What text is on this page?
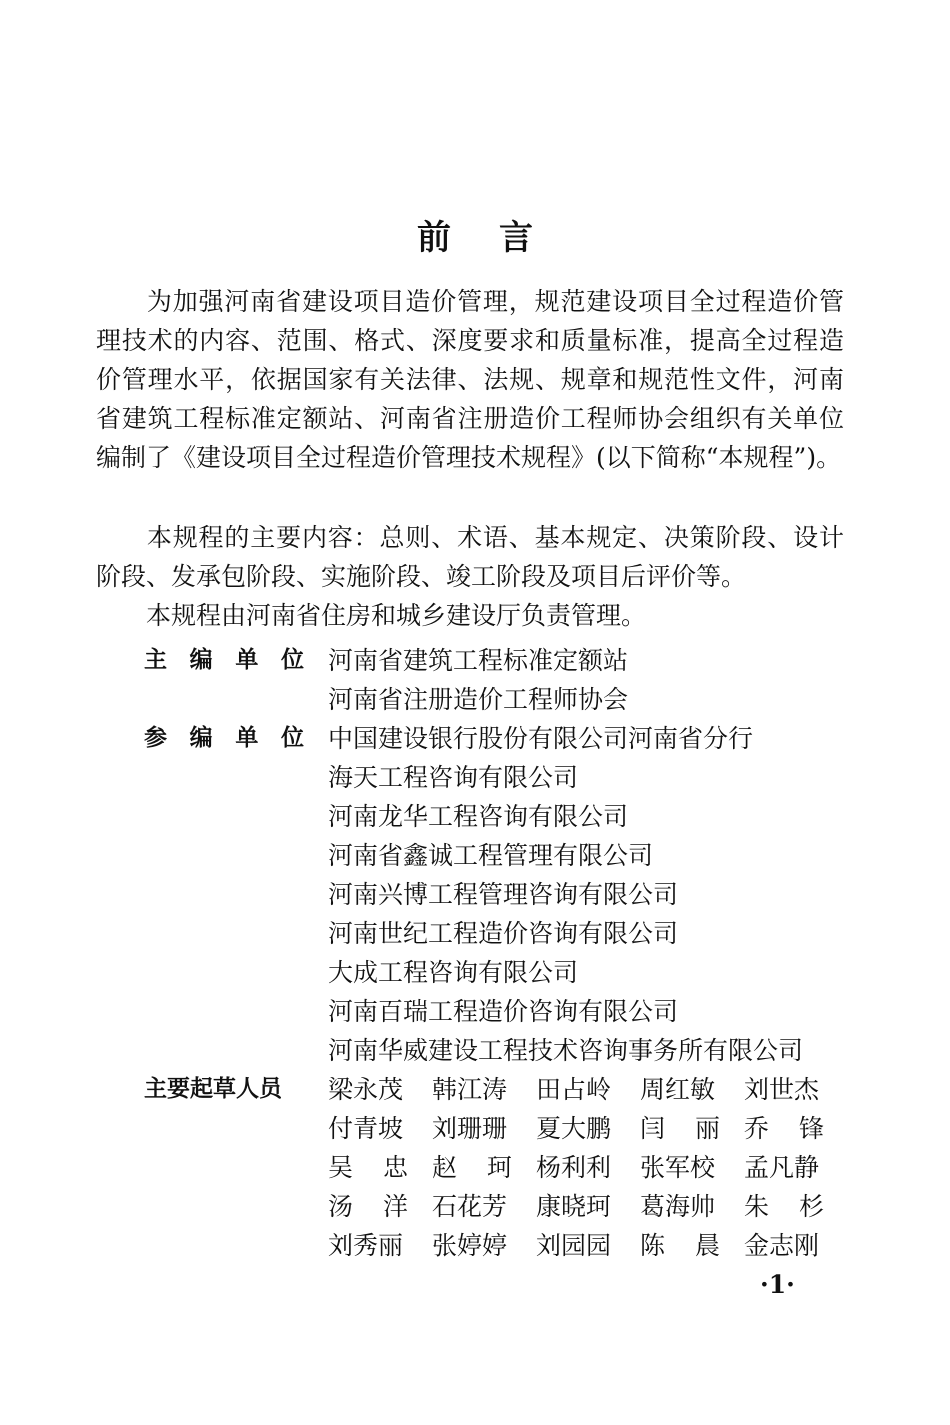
前 言
为加强河南省建设项目造价管理，规范建设项目全过程造价管理技术的内容、范围、格式、深度要求和质量标准，提高全过程造价管理水平，依据国家有关法律、法规、规章和规范性文件，河南省建筑工程标准定额站、河南省注册造价工程师协会组织有关单位编制了《建设项目全过程造价管理技术规程》(以下简称“本规程”)。
本规程的主要内容：总则、术语、基本规定、决策阶段、设计阶段、发承包阶段、实施阶段、竣工阶段及项目后评价等。
本规程由河南省住房和城乡建设厅负责管理。
主 编 单 位 河南省建筑工程标准定额站
河南省注册造价工程师协会
参 编 单 位 中国建设银行股份有限公司河南省分行
海天工程咨询有限公司
河南龙华工程咨询有限公司
河南省鑫诚工程管理有限公司
河南兴博工程管理咨询有限公司
河南世纪工程造价咨询有限公司
大成工程咨询有限公司
河南百瑞工程造价咨询有限公司
河南华威建设工程技术咨询事务所有限公司
主要起草人员	梁永茂 韩江涛 田占岭 周红敏 刘世杰
付青坡 刘珊珊 夏大鹏 闫 丽 乔 锋
吴 忠 赵 珂 杨利利 张军校 孟凡静
汤 洋 石花芳 康晓珂 葛海帅 朱 杉
刘秀丽 张婷婷 刘园园 陈 晨 金志刚
·1·
